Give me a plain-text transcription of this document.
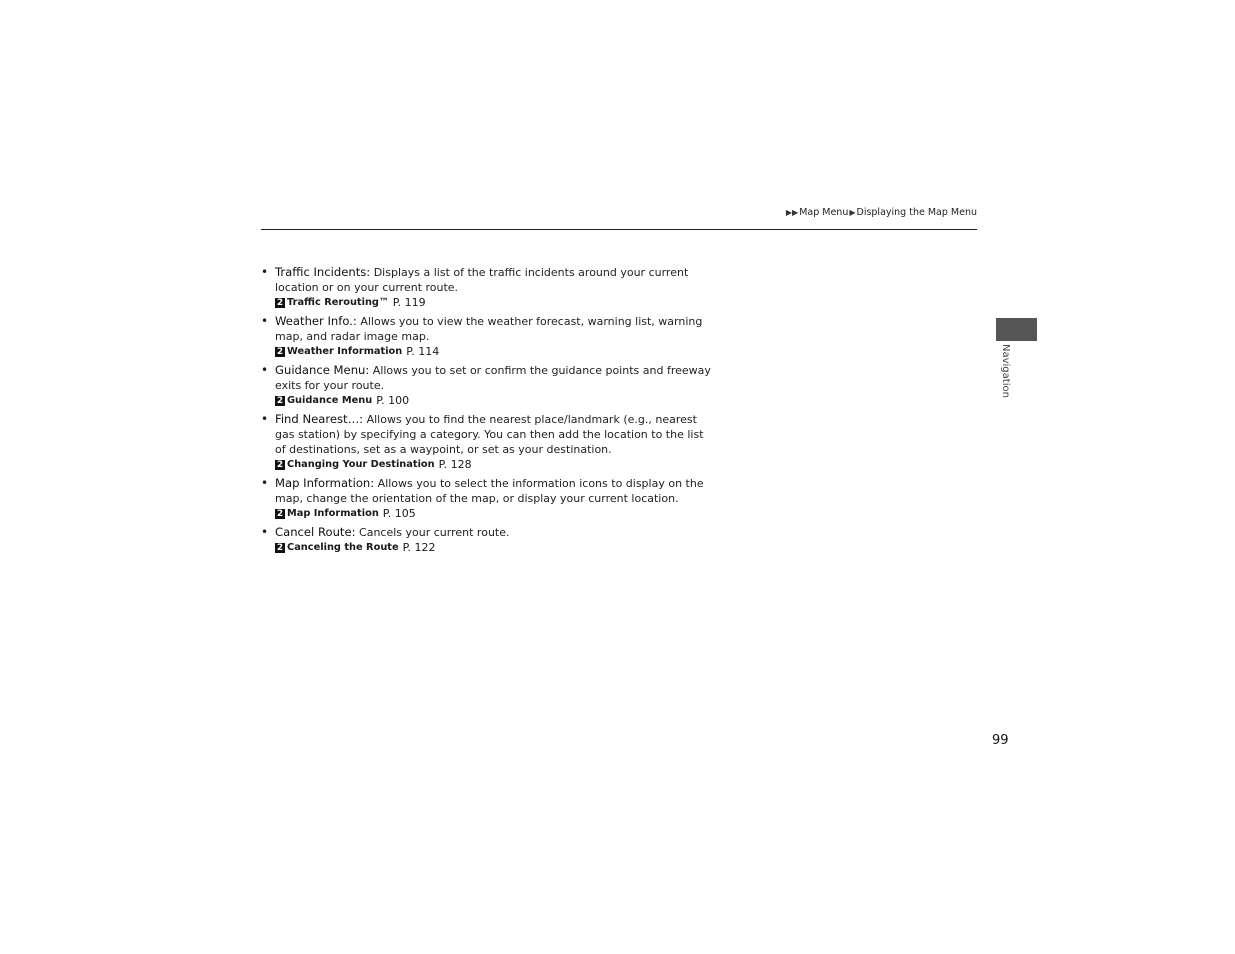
▶▶ Map Menu ▶ Displaying the Map Menu
• Traffic Incidents: Displays a list of the traffic incidents around your current location or on your current route.
2 Traffic Rerouting™ P. 119
• Weather Info.: Allows you to view the weather forecast, warning list, warning map, and radar image map.
2 Weather Information P. 114
• Guidance Menu: Allows you to set or confirm the guidance points and freeway exits for your route.
2 Guidance Menu P. 100
• Find Nearest…: Allows you to find the nearest place/landmark (e.g., nearest gas station) by specifying a category. You can then add the location to the list of destinations, set as a waypoint, or set as your destination.
2 Changing Your Destination P. 128
• Map Information: Allows you to select the information icons to display on the map, change the orientation of the map, or display your current location.
2 Map Information P. 105
• Cancel Route: Cancels your current route.
2 Canceling the Route P. 122
Navigation
99
